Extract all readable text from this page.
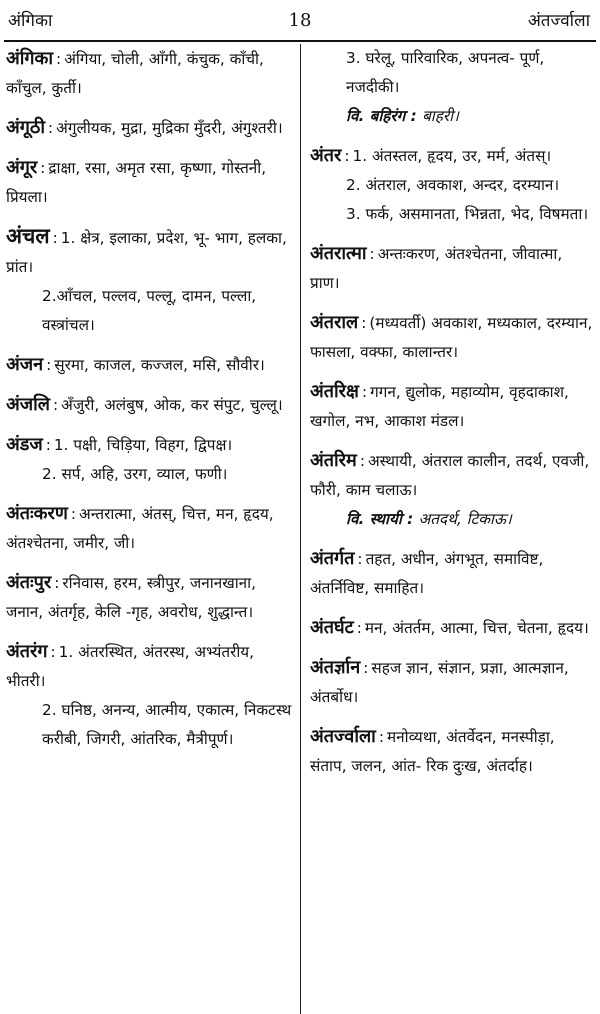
अंगिका	18	अंतर्ज्वाला

अंगिका : अंगिया, चोली, आँगी, कंचुक, काँची, काँचुल, कुर्ती।

अंगूठी : अंगुलीयक, मुद्रा, मुद्रिका मुँदरी, अंगुश्तरी।

अंगूर : द्राक्षा, रसा, अमृत रसा, कृष्णा, गोस्तनी, प्रियला।

अंचल : 1. क्षेत्र, इलाका, प्रदेश, भू- भाग, हलका, प्रांत।

2.आँचल, पल्लव, पल्लू, दामन, पल्ला, वस्त्रांचल।

अंजन : सुरमा, काजल, कज्जल, मसि, सौवीर।

अंजलि : अँजुरी, अलंबुष, ओक, कर संपुट, चुल्लू।

अंडज : 1. पक्षी, चिड़िया, विहग, द्विपक्ष।

2. सर्प, अहि, उरग, व्याल, फणी।

अंतःकरण : अन्तरात्मा, अंतस्, चित्त, मन, हृदय, अंतश्चेतना, जमीर, जी।

अंतःपुर : रनिवास, हरम, स्त्रीपुर, जनानखाना, जनान, अंतर्गृह, केलि -गृह, अवरोध, शुद्धान्त।

अंतरंग : 1. अंतरस्थित, अंतरस्थ, अभ्यंतरीय, भीतरी।

2. घनिष्ठ, अनन्य, आत्मीय, एकात्म, निकटस्थ करीबी, जिगरी, आंतरिक, मैत्रीपूर्ण।
3. घरेलू, पारिवारिक, अपनत्व- पूर्ण, नजदीकी।
वि. बहिरंग : बाहरी।

अंतर : 1. अंतस्तल, हृदय, उर, मर्म, अंतस्।

2. अंतराल, अवकाश, अन्दर, दरम्यान।
3. फर्क, असमानता, भिन्नता, भेद, विषमता।

अंतरात्मा : अन्तःकरण, अंतश्चेतना, जीवात्मा, प्राण।

अंतराल : (मध्यवर्ती) अवकाश, मध्यकाल, दरम्यान, फासला, वक्फा, कालान्तर।

अंतरिक्ष : गगन, द्युलोक, महाव्योम, वृहदाकाश, खगोल, नभ, आकाश मंडल।

अंतरिम : अस्थायी, अंतराल कालीन, तदर्थ, एवजी, फौरी, काम चलाऊ।

वि. स्थायी : अतदर्थ, टिकाऊ।

अंतर्गत : तहत, अधीन, अंगभूत, समाविष्ट, अंतर्निविष्ट, समाहित।

अंतर्घट : मन, अंतर्तम, आत्मा, चित्त, चेतना, हृदय।

अंतर्ज्ञान : सहज ज्ञान, संज्ञान, प्रज्ञा, आत्मज्ञान, अंतर्बोध।

अंतर्ज्वाला : मनोव्यथा, अंतर्वेदन, मनस्पीड़ा, संताप, जलन, आंत- रिक दुःख, अंतर्दाह।
